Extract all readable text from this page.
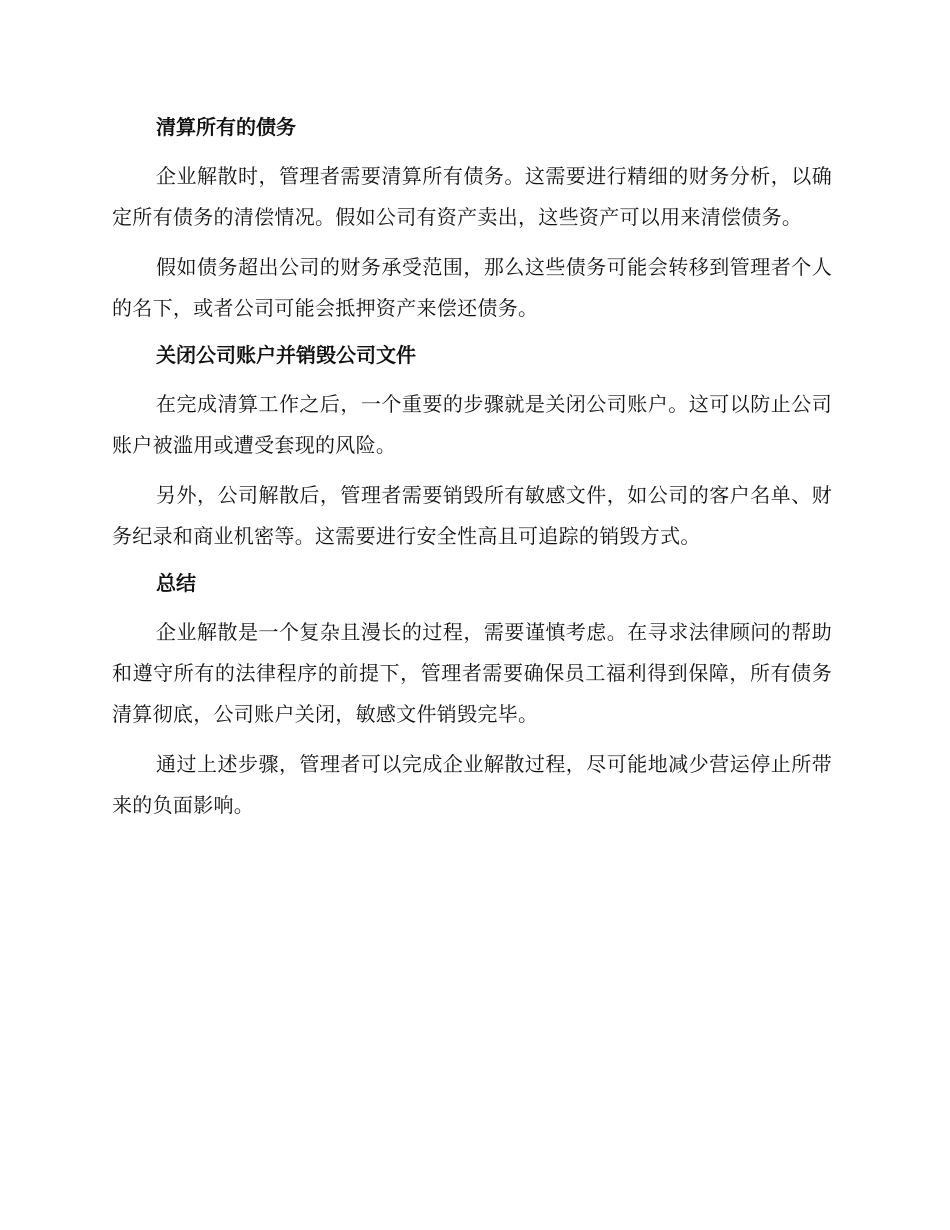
清算所有的债务

企业解散时，管理者需要清算所有债务。这需要进行精细的财务分析，以确定所有债务的清偿情况。假如公司有资产卖出，这些资产可以用来清偿债务。

假如债务超出公司的财务承受范围，那么这些债务可能会转移到管理者个人的名下，或者公司可能会抵押资产来偿还债务。

关闭公司账户并销毁公司文件

在完成清算工作之后，一个重要的步骤就是关闭公司账户。这可以防止公司账户被滥用或遭受套现的风险。

另外，公司解散后，管理者需要销毁所有敏感文件，如公司的客户名单、财务纪录和商业机密等。这需要进行安全性高且可追踪的销毁方式。

总结

企业解散是一个复杂且漫长的过程，需要谨慎考虑。在寻求法律顾问的帮助和遵守所有的法律程序的前提下，管理者需要确保员工福利得到保障，所有债务清算彻底，公司账户关闭，敏感文件销毁完毕。

通过上述步骤，管理者可以完成企业解散过程，尽可能地减少营运停止所带来的负面影响。
